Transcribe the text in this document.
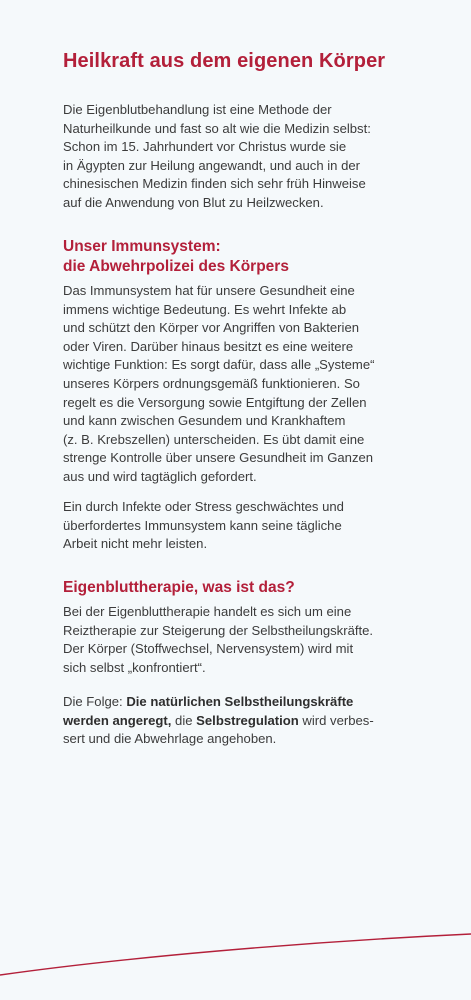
Heilkraft aus dem eigenen Körper

Die Eigenblutbehandlung ist eine Methode der
Naturheilkunde und fast so alt wie die Medizin selbst:
Schon im 15. Jahrhundert vor Christus wurde sie
in Ägypten zur Heilung angewandt, und auch in der
chinesischen Medizin finden sich sehr früh Hinweise
auf die Anwendung von Blut zu Heilzwecken.

Unser Immunsystem:
die Abwehrpolizei des Körpers

Das Immunsystem hat für unsere Gesundheit eine
immens wichtige Bedeutung. Es wehrt Infekte ab
und schützt den Körper vor Angriffen von Bakterien
oder Viren. Darüber hinaus besitzt es eine weitere
wichtige Funktion: Es sorgt dafür, dass alle „Systeme“
unseres Körpers ordnungsgemäß funktionieren. So
regelt es die Versorgung sowie Entgiftung der Zellen
und kann zwischen Gesundem und Krankhaftem
(z. B. Krebszellen) unterscheiden. Es übt damit eine
strenge Kontrolle über unsere Gesundheit im Ganzen
aus und wird tagtäglich gefordert.

Ein durch Infekte oder Stress geschwächtes und
überfordertes Immunsystem kann seine tägliche
Arbeit nicht mehr leisten.

Eigenbluttherapie, was ist das?

Bei der Eigenbluttherapie handelt es sich um eine
Reiztherapie zur Steigerung der Selbstheilungskräfte.
Der Körper (Stoffwechsel, Nervensystem) wird mit
sich selbst „konfrontiert“.

Die Folge: Die natürlichen Selbstheilungskräfte
werden angeregt, die Selbstregulation wird verbes-
sert und die Abwehrlage angehoben.
